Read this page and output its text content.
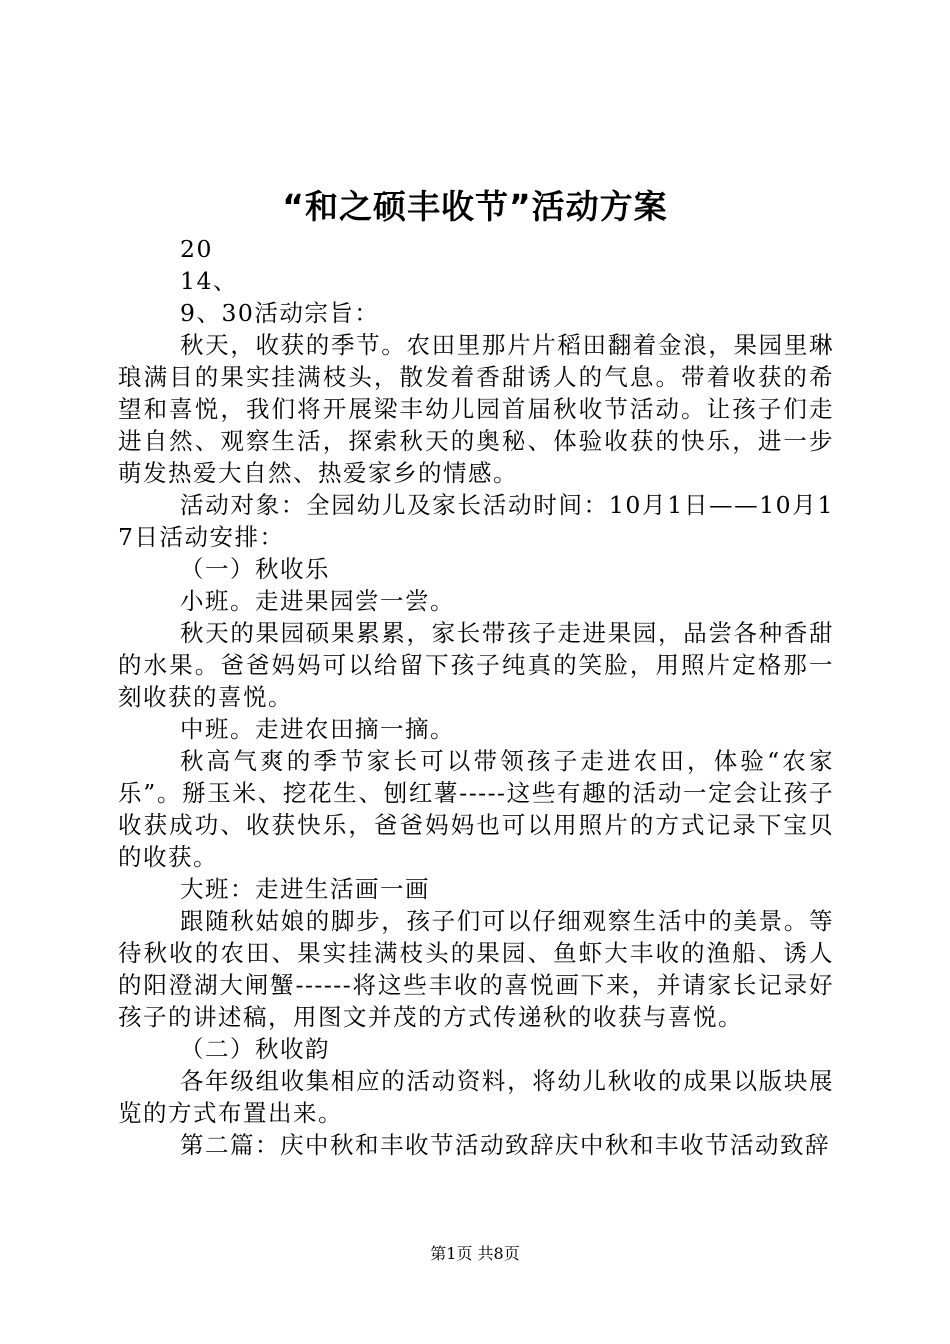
“和之硕丰收节”活动方案

20

14、

9、30活动宗旨：

秋天，收获的季节。农田里那片片稻田翻着金浪，果园里琳琅满目的果实挂满枝头，散发着香甜诱人的气息。带着收获的希望和喜悦，我们将开展梁丰幼儿园首届秋收节活动。让孩子们走进自然、观察生活，探索秋天的奥秘、体验收获的快乐，进一步萌发热爱大自然、热爱家乡的情感。

活动对象：全园幼儿及家长活动时间：10月1日——10月17日活动安排：

（一）秋收乐

小班。走进果园尝一尝。

秋天的果园硕果累累，家长带孩子走进果园，品尝各种香甜的水果。爸爸妈妈可以给留下孩子纯真的笑脸，用照片定格那一刻收获的喜悦。

中班。走进农田摘一摘。

秋高气爽的季节家长可以带领孩子走进农田，体验“农家乐”。掰玉米、挖花生、刨红薯-----这些有趣的活动一定会让孩子收获成功、收获快乐，爸爸妈妈也可以用照片的方式记录下宝贝的收获。

大班：走进生活画一画

跟随秋姑娘的脚步，孩子们可以仔细观察生活中的美景。等待秋收的农田、果实挂满枝头的果园、鱼虾大丰收的渔船、诱人的阳澄湖大闸蟹------将这些丰收的喜悦画下来，并请家长记录好孩子的讲述稿，用图文并茂的方式传递秋的收获与喜悦。

（二）秋收韵

各年级组收集相应的活动资料，将幼儿秋收的成果以版块展览的方式布置出来。

第二篇：庆中秋和丰收节活动致辞庆中秋和丰收节活动致辞

第1页 共8页
